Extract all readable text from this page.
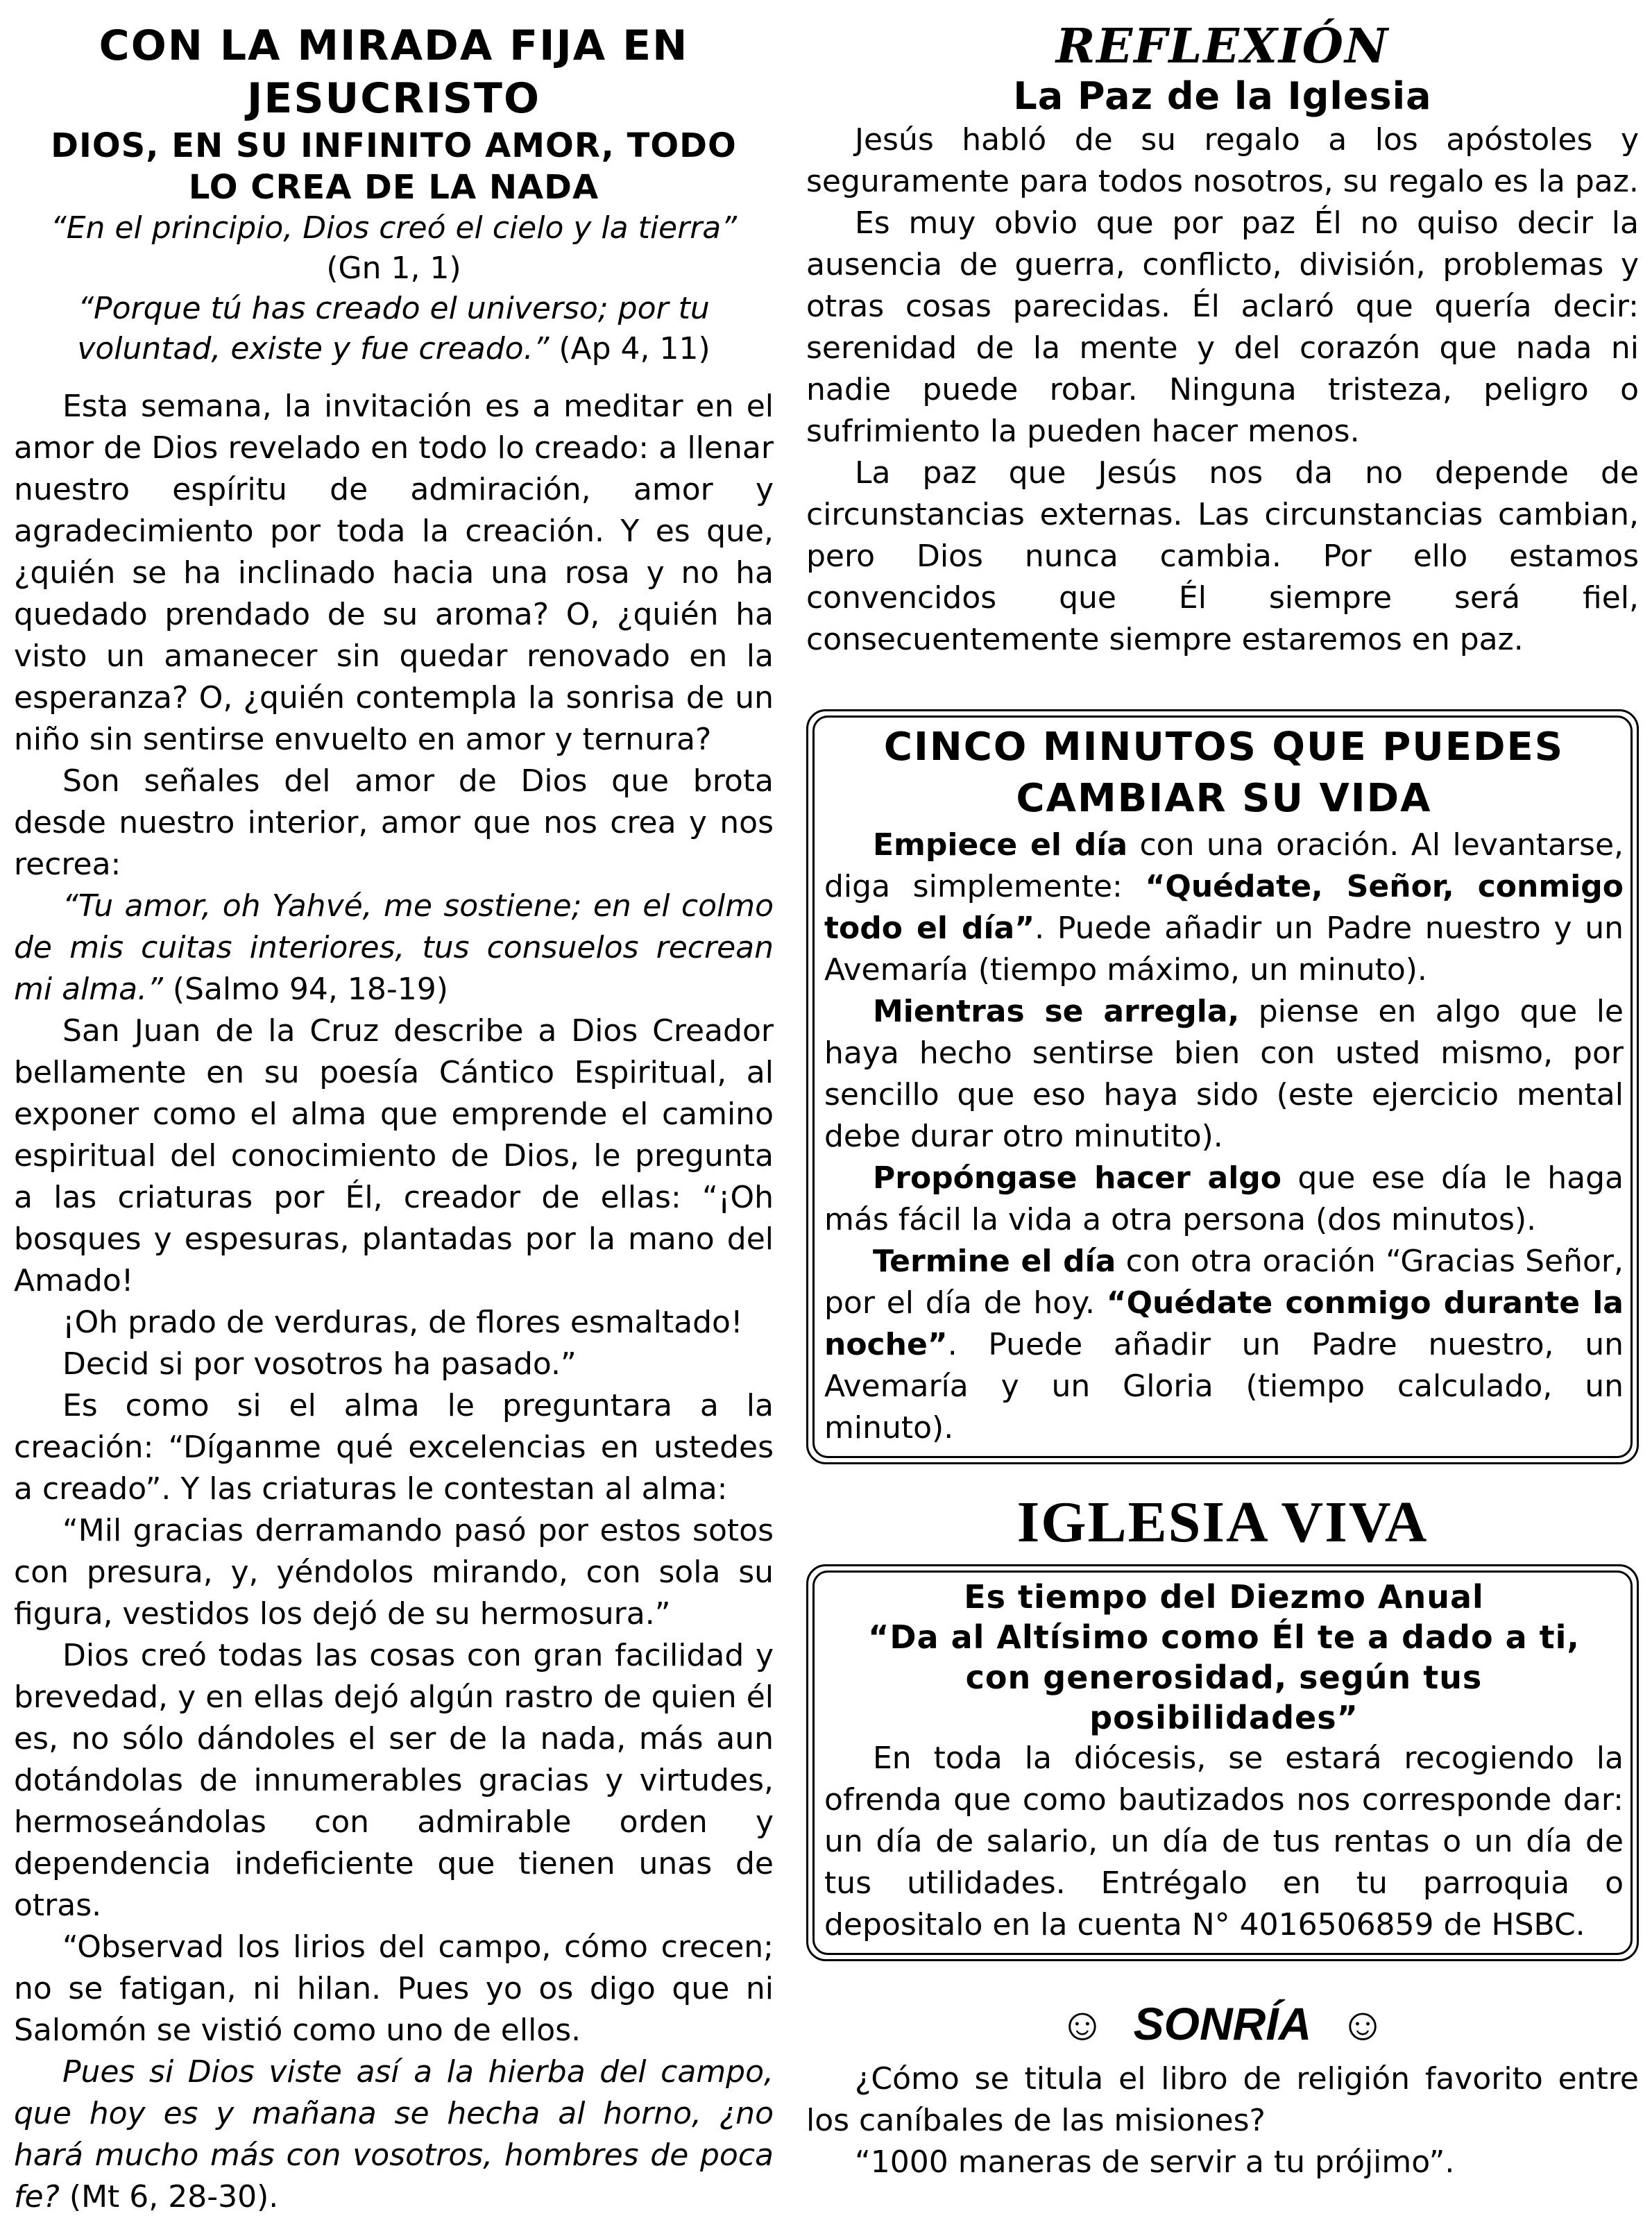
CON LA MIRADA FIJA EN JESUCRISTO
DIOS, EN SU INFINITO AMOR, TODO LO CREA DE LA NADA

“En el principio, Dios creó el cielo y la tierra” (Gn 1, 1)

“Porque tú has creado el universo; por tu voluntad, existe y fue creado.” (Ap 4, 11)

Esta semana, la invitación es a meditar en el amor de Dios revelado en todo lo creado: a llenar nuestro espíritu de admiración, amor y agradecimiento por toda la creación. Y es que, ¿quién se ha inclinado hacia una rosa y no ha quedado prendado de su aroma? O, ¿quién ha visto un amanecer sin quedar renovado en la esperanza? O, ¿quién contempla la sonrisa de un niño sin sentirse envuelto en amor y ternura?

Son señales del amor de Dios que brota desde nuestro interior, amor que nos crea y nos recrea:

“Tu amor, oh Yahvé, me sostiene; en el colmo de mis cuitas interiores, tus consuelos recrean mi alma.” (Salmo 94, 18-19)

San Juan de la Cruz describe a Dios Creador bellamente en su poesía Cántico Espiritual, al exponer como el alma que emprende el camino espiritual del conocimiento de Dios, le pregunta a las criaturas por Él, creador de ellas: “¡Oh bosques y espesuras, plantadas por la mano del Amado!

¡Oh prado de verduras, de flores esmaltado!

Decid si por vosotros ha pasado.”

Es como si el alma le preguntara a la creación: “Díganme qué excelencias en ustedes a creado”. Y las criaturas le contestan al alma:

“Mil gracias derramando pasó por estos sotos con presura, y, yéndolos mirando, con sola su figura, vestidos los dejó de su hermosura.”

Dios creó todas las cosas con gran facilidad y brevedad, y en ellas dejó algún rastro de quien él es, no sólo dándoles el ser de la nada, más aun dotándolas de innumerables gracias y virtudes, hermoseándolas con admirable orden y dependencia indeficiente que tienen unas de otras.

“Observad los lirios del campo, cómo crecen; no se fatigan, ni hilan. Pues yo os digo que ni Salomón se vistió como uno de ellos.

Pues si Dios viste así a la hierba del campo, que hoy es y mañana se hecha al horno, ¿no hará mucho más con vosotros, hombres de poca fe? (Mt 6, 28-30).

REFLEXIÓN
La Paz de la Iglesia

Jesús habló de su regalo a los apóstoles y seguramente para todos nosotros, su regalo es la paz.

Es muy obvio que por paz Él no quiso decir la ausencia de guerra, conflicto, división, problemas y otras cosas parecidas. Él aclaró que quería decir: serenidad de la mente y del corazón que nada ni nadie puede robar. Ninguna tristeza, peligro o sufrimiento la pueden hacer menos.

La paz que Jesús nos da no depende de circunstancias externas. Las circunstancias cambian, pero Dios nunca cambia. Por ello estamos convencidos que Él siempre será fiel, consecuentemente siempre estaremos en paz.

CINCO MINUTOS QUE PUEDES CAMBIAR SU VIDA

Empiece el día con una oración. Al levantarse, diga simplemente: “Quédate, Señor, conmigo todo el día”. Puede añadir un Padre nuestro y un Avemaría (tiempo máximo, un minuto).

Mientras se arregla, piense en algo que le haya hecho sentirse bien con usted mismo, por sencillo que eso haya sido (este ejercicio mental debe durar otro minutito).

Propóngase hacer algo que ese día le haga más fácil la vida a otra persona (dos minutos).

Termine el día con otra oración “Gracias Señor, por el día de hoy. “Quédate conmigo durante la noche”. Puede añadir un Padre nuestro, un Avemaría y un Gloria (tiempo calculado, un minuto).

IGLESIA VIVA
Es tiempo del Diezmo Anual
“Da al Altísimo como Él te a dado a ti, con generosidad, según tus posibilidades”

En toda la diócesis, se estará recogiendo la ofrenda que como bautizados nos corresponde dar: un día de salario, un día de tus rentas o un día de tus utilidades. Entrégalo en tu parroquia o depositalo en la cuenta N° 4016506859 de HSBC.

☺ SONRÍA ☺

¿Cómo se titula el libro de religión favorito entre los caníbales de las misiones?

“1000 maneras de servir a tu prójimo”.
